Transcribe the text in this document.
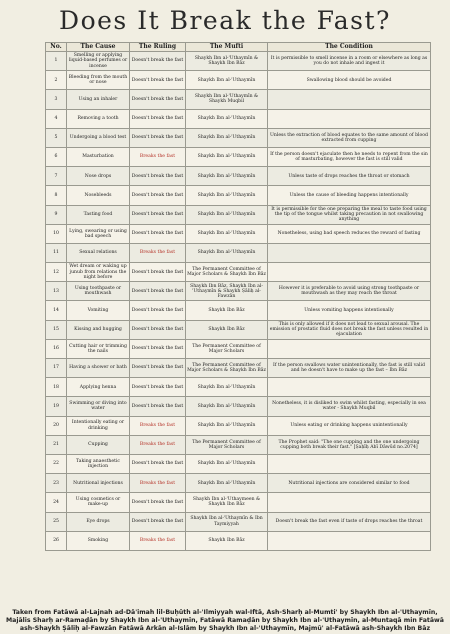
Does It Break the Fast?
No.	The Cause	The Ruling	The Mufti	The Condition
1	Smelling or applying liquid-based perfumes or incense	Doesn't break the fast	Shaykh Ibn al-'Uthaymīn & Shaykh Ibn Bāz	It is permissible to smell incense in a room or elsewhere as long as you do not inhale and ingest it
2	Bleeding from the mouth or nose	Doesn't break the fast	Shaykh Ibn al-'Uthaymīn	Swallowing blood should be avoided
3	Using an inhaler	Doesn't break the fast	Shaykh Ibn al-'Uthaymīn & Shaykh Muqbil	
4	Removing a tooth	Doesn't break the fast	Shaykh Ibn al-'Uthaymīn	
5	Undergoing a blood test	Doesn't break the fast	Shaykh Ibn al-'Uthaymīn	Unless the extraction of blood equates to the same amount of blood extracted from cupping
6	Masturbation	Breaks the fast	Shaykh Ibn al-'Uthaymīn	If the person doesn't ejaculate then he needs to repent from the sin of masturbating, however the fast is still valid
7	Nose drops	Doesn't break the fast	Shaykh Ibn al-'Uthaymīn	Unless taste of drops reaches the throat or stomach
8	Nosebleeds	Doesn't break the fast	Shaykh Ibn al-'Uthaymīn	Unless the cause of bleeding happens intentionally
9	Tasting food	Doesn't break the fast	Shaykh Ibn al-'Uthaymīn	It is permissible for the one preparing the meal to taste food using the tip of the tongue whilst taking precaution in not swallowing anything
10	Lying, swearing or using bad speech	Doesn't break the fast	Shaykh Ibn al-'Uthaymīn	Nonetheless, using bad speech reduces the reward of fasting
11	Sexual relations	Breaks the fast	Shaykh Ibn al-'Uthaymīn	
12	Wet dream or waking up junub from relations the night before	Doesn't break the fast	The Permanent Committee of Major Scholars & Shaykh Ibn Bāz	
13	Using toothpaste or mouthwash	Doesn't break the fast	Shaykh Ibn Bāz, Shaykh Ibn al-'Uthaymīn & Shaykh Ṣāliḥ al-Fawzān	However it is preferable to avoid using strong toothpaste or mouthwash as they may reach the throat
14	Vomiting	Doesn't break the fast	Shaykh Ibn Bāz	Unless vomiting happens intentionally
15	Kissing and hugging	Doesn't break the fast	Shaykh Ibn Bāz	This is only allowed if it does not lead to sexual arousal. The emission of prostatic fluid does not break the fast unless resulted in ejaculation
16	Cutting hair or trimming the nails	Doesn't break the fast	The Permanent Committee of Major Scholars	
17	Having a shower or bath	Doesn't break the fast	The Permanent Committee of Major Scholars & Shaykh Ibn Bāz	If the person swallows water unintentionally, the fast is still valid and he doesn't have to make up the fast – Ibn Bāz
18	Applying henna	Doesn't break the fast	Shaykh Ibn al-'Uthaymīn	
19	Swimming or diving into water	Doesn't break the fast	Shaykh Ibn al-'Uthaymīn	Nonetheless, it is disliked to swim whilst fasting, especially in sea water - Shaykh Muqbil
20	Intentionally eating or drinking	Breaks the fast	Shaykh Ibn al-'Uthaymīn	Unless eating or drinking happens unintentionally
21	Cupping	Breaks the fast	The Permanent Committee of Major Scholars	The Prophet said: "The one cupping and the one undergoing cupping both break their fast." [Ṣaḥīḥ Abī Dāwūd no.2074]
22	Taking anaesthetic injection	Doesn't break the fast	Shaykh Ibn al-'Uthaymīn	
23	Nutritional injections	Breaks the fast	Shaykh Ibn al-'Uthaymīn	Nutritional injections are considered similar to food
24	Using cosmetics or make-up	Doesn't break the fast	Shaykh Ibn al-'Uthaymeen & Shaykh Ibn Bāz	
25	Eye drops	Doesn't break the fast	Shaykh Ibn al-'Uthaymīn & Ibn Taymiyyah	Doesn't break the fast even if taste of drops reaches the throat
26	Smoking	Breaks the fast	Shaykh Ibn Bāz	
Taken from Fatāwā al-Lajnah ad-Dā'imah lil-Buḥūth al-'Ilmiyyah wal-Iftā, Ash-Sharḥ al-Mumti' by Shaykh Ibn al-'Uthaymīn, Majālis Sharḥ ar-Ramaḍān by Shaykh Ibn al-'Uthaymīn, Fatāwā Ramaḍān by Shaykh Ibn al-'Uthaymīn, al-Muntaqā min Fatāwā ash-Shaykh Ṣāliḥ al-Fawzān Fatāwā Arkān al-Islām by Shaykh Ibn al-'Uthaymīn, Majmū' al-Fatāwā ash-Shaykh Ibn Bāz
